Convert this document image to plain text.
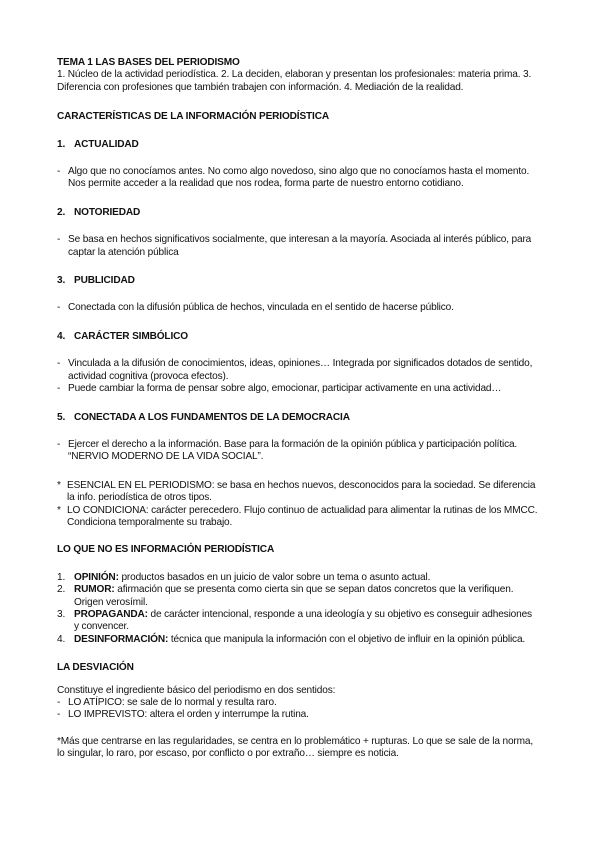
TEMA 1 LAS BASES DEL PERIODISMO

1. Núcleo de la actividad periodística. 2. La deciden, elaboran y presentan los profesionales: materia prima. 3. Diferencia con profesiones que también trabajen con información. 4. Mediación de la realidad.

CARACTERÍSTICAS DE LA INFORMACIÓN PERIODÍSTICA

1. ACTUALIDAD
- Algo que no conocíamos antes. No como algo novedoso, sino algo que no conocíamos hasta el momento. Nos permite acceder a la realidad que nos rodea, forma parte de nuestro entorno cotidiano.
2. NOTORIEDAD
- Se basa en hechos significativos socialmente, que interesan a la mayoría. Asociada al interés público, para captar la atención pública
3. PUBLICIDAD
- Conectada con la difusión pública de hechos, vinculada en el sentido de hacerse público.
4. CARÁCTER SIMBÓLICO
- Vinculada a la difusión de conocimientos, ideas, opiniones… Integrada por significados dotados de sentido, actividad cognitiva (provoca efectos).
- Puede cambiar la forma de pensar sobre algo, emocionar, participar activamente en una actividad…
5. CONECTADA A LOS FUNDAMENTOS DE LA DEMOCRACIA
- Ejercer el derecho a la información. Base para la formación de la opinión pública y participación política. “NERVIO MODERNO DE LA VIDA SOCIAL”.
* ESENCIAL EN EL PERIODISMO: se basa en hechos nuevos, desconocidos para la sociedad. Se diferencia la info. periodística de otros tipos.
* LO CONDICIONA: carácter perecedero. Flujo continuo de actualidad para alimentar la rutinas de los MMCC. Condiciona temporalmente su trabajo.

LO QUE NO ES INFORMACIÓN PERIODÍSTICA

1. OPINIÓN: productos basados en un juicio de valor sobre un tema o asunto actual.
2. RUMOR: afirmación que se presenta como cierta sin que se sepan datos concretos que la verifiquen. Origen verosímil.
3. PROPAGANDA: de carácter intencional, responde a una ideología y su objetivo es conseguir adhesiones y convencer.
4. DESINFORMACIÓN: técnica que manipula la información con el objetivo de influir en la opinión pública.

LA DESVIACIÓN

Constituye el ingrediente básico del periodismo en dos sentidos:

- LO ATÍPICO: se sale de lo normal y resulta raro.
- LO IMPREVISTO: altera el orden y interrumpe la rutina.

*Más que centrarse en las regularidades, se centra en lo problemático + rupturas. Lo que se sale de la norma, lo singular, lo raro, por escaso, por conflicto o por extraño… siempre es noticia.
